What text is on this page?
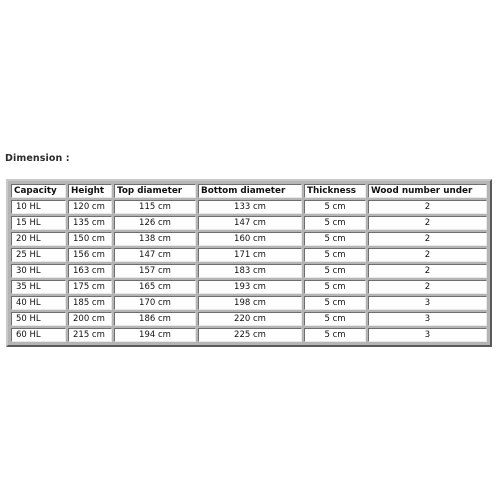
Dimension :
Capacity	Height	Top diameter	Bottom diameter	Thickness	Wood number under
10 HL	120 cm	115 cm	133 cm	5 cm	2
15 HL	135 cm	126 cm	147 cm	5 cm	2
20 HL	150 cm	138 cm	160 cm	5 cm	2
25 HL	156 cm	147 cm	171 cm	5 cm	2
30 HL	163 cm	157 cm	183 cm	5 cm	2
35 HL	175 cm	165 cm	193 cm	5 cm	2
40 HL	185 cm	170 cm	198 cm	5 cm	3
50 HL	200 cm	186 cm	220 cm	5 cm	3
60 HL	215 cm	194 cm	225 cm	5 cm	3
